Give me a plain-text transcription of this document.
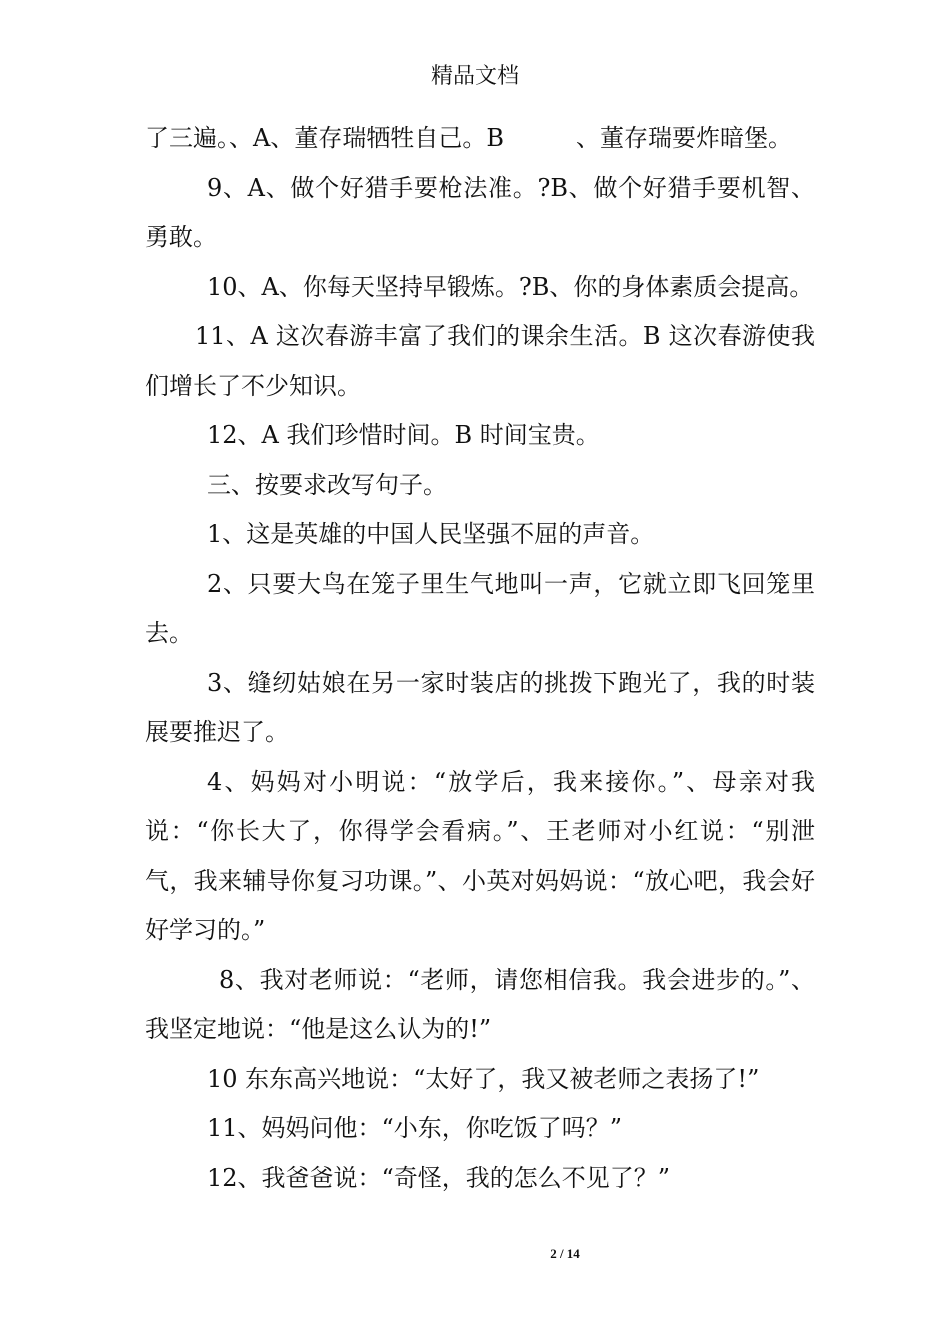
精品文档

了三遍。、A、董存瑞牺牲自己。B　　　、董存瑞要炸暗堡。

9、A、做个好猎手要枪法准。?B、做个好猎手要机智、勇敢。

10、A、你每天坚持早锻炼。?B、你的身体素质会提高。

11、A 这次春游丰富了我们的课余生活。B 这次春游使我们增长了不少知识。

12、A 我们珍惜时间。B 时间宝贵。

三、按要求改写句子。

1、这是英雄的中国人民坚强不屈的声音。

2、只要大鸟在笼子里生气地叫一声，它就立即飞回笼里去。

3、缝纫姑娘在另一家时装店的挑拨下跑光了，我的时装展要推迟了。

4、妈妈对小明说：“放学后，我来接你。”、母亲对我说：“你长大了，你得学会看病。”、王老师对小红说：“别泄气，我来辅导你复习功课。”、小英对妈妈说：“放心吧，我会好好学习的。”

8、我对老师说：“老师，请您相信我。我会进步的。”、我坚定地说：“他是这么认为的!”

10 东东高兴地说：“太好了，我又被老师之表扬了!”

11、妈妈问他：“小东，你吃饭了吗？”

12、我爸爸说：“奇怪，我的怎么不见了？”

2 / 14
